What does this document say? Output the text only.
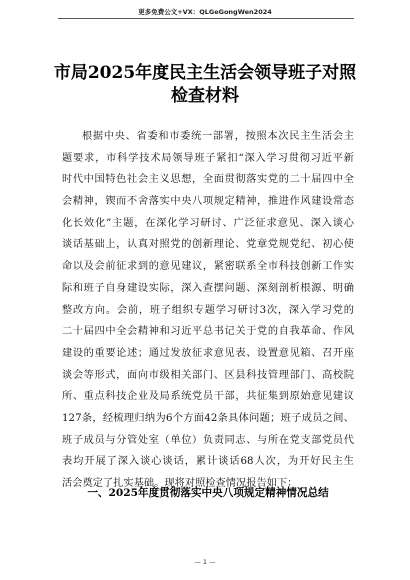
更多免费公文+VX：QLGeGongWen2024
市局2025年度民主生活会领导班子对照
检查材料
根据中央、省委和市委统一部署，按照本次民主生活会主
题要求，市科学技术局领导班子紧扣“深入学习贯彻习近平新
时代中国特色社会主义思想，全面贯彻落实党的二十届四中全
会精神，锲而不舍落实中央八项规定精神，推进作风建设常态
化长效化”主题，在深化学习研讨、广泛征求意见、深入谈心
谈话基础上，认真对照党的创新理论、党章党规党纪、初心使
命以及会前征求到的意见建议，紧密联系全市科技创新工作实
际和班子自身建设实际，深入查摆问题、深刻剖析根源、明确
整改方向。会前，班子组织专题学习研讨3次，深入学习党的
二十届四中全会精神和习近平总书记关于党的自我革命、作风
建设的重要论述；通过发放征求意见表、设置意见箱、召开座
谈会等形式，面向市级相关部门、区县科技管理部门、高校院
所、重点科技企业及局系统党员干部，共征集到原始意见建议
127条，经梳理归纳为6个方面42条具体问题；班子成员之间、
班子成员与分管处室（单位）负责同志、与所在党支部党员代
表均开展了深入谈心谈话，累计谈话68人次，为开好民主生
活会奠定了扎实基础。现将对照检查情况报告如下：
一、2025年度贯彻落实中央八项规定精神情况总结
— 1 —
